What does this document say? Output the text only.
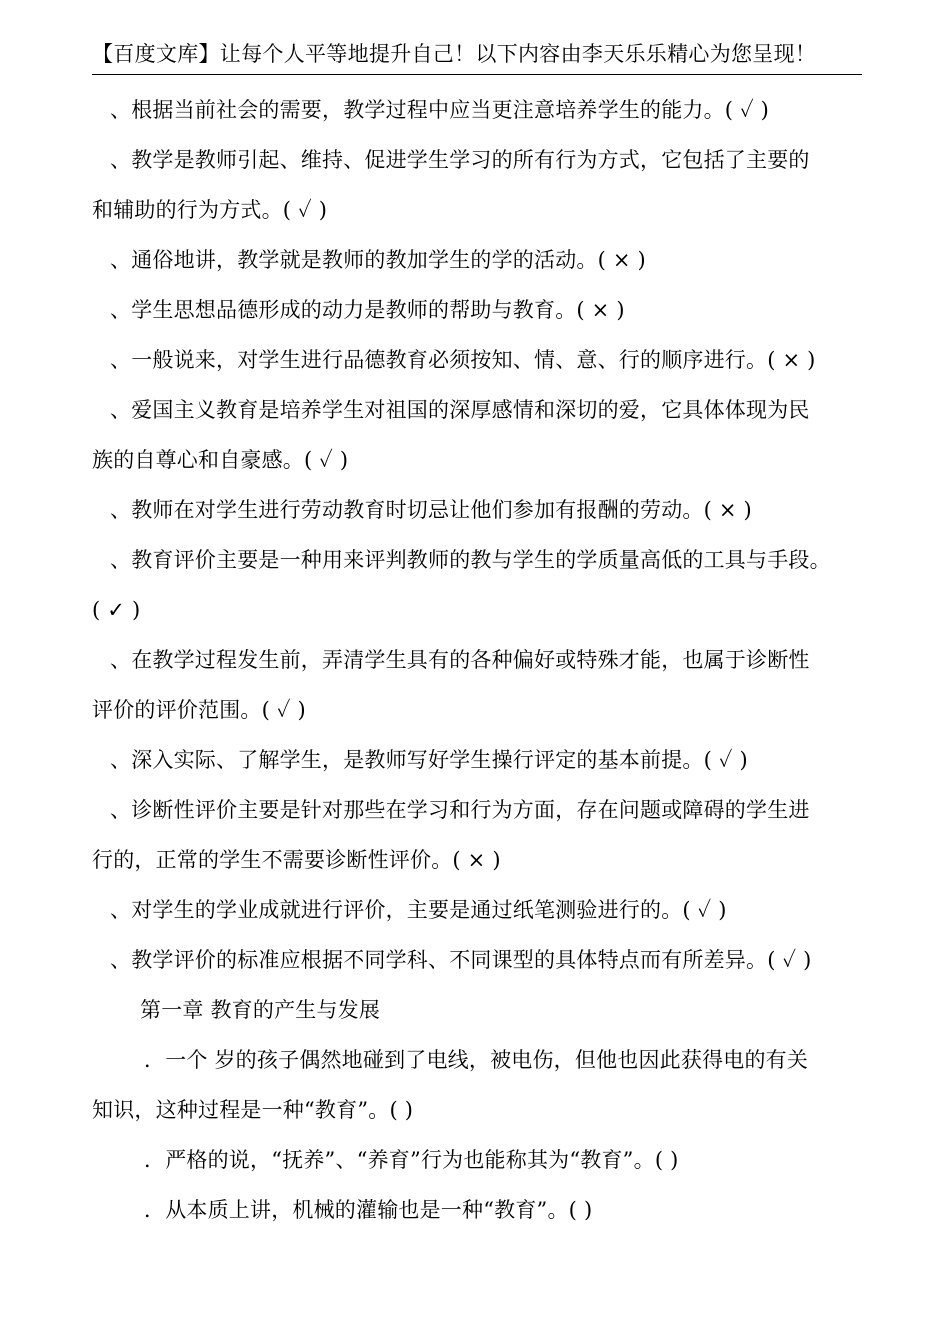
【百度文库】让每个人平等地提升自己！以下内容由李天乐乐精心为您呈现！
、根据当前社会的需要，教学过程中应当更注意培养学生的能力。( ✓ )
、教学是教师引起、维持、促进学生学习的所有行为方式，它包括了主要的
和辅助的行为方式。( ✓ )
、通俗地讲，教学就是教师的教加学生的学的活动。( × )
、学生思想品德形成的动力是教师的帮助与教育。( × )
、一般说来，对学生进行品德教育必须按知、情、意、行的顺序进行。( × )
、爱国主义教育是培养学生对祖国的深厚感情和深切的爱，它具体体现为民
族的自尊心和自豪感。( ✓ )
、教师在对学生进行劳动教育时切忌让他们参加有报酬的劳动。( × )
、教育评价主要是一种用来评判教师的教与学生的学质量高低的工具与手段。
( ✓ )
、在教学过程发生前，弄清学生具有的各种偏好或特殊才能，也属于诊断性
评价的评价范围。( ✓ )
、深入实际、了解学生，是教师写好学生操行评定的基本前提。( ✓ )
、诊断性评价主要是针对那些在学习和行为方面，存在问题或障碍的学生进
行的，正常的学生不需要诊断性评价。( × )
、对学生的学业成就进行评价，主要是通过纸笔测验进行的。( ✓ )
、教学评价的标准应根据不同学科、不同课型的具体特点而有所差异。( ✓ )
第一章 教育的产生与发展
．一个 岁的孩子偶然地碰到了电线，被电伤，但他也因此获得电的有关
知识，这种过程是一种“教育”。( )
．严格的说，“抚养”、“养育”行为也能称其为“教育”。( )
．从本质上讲，机械的灌输也是一种“教育”。( )
